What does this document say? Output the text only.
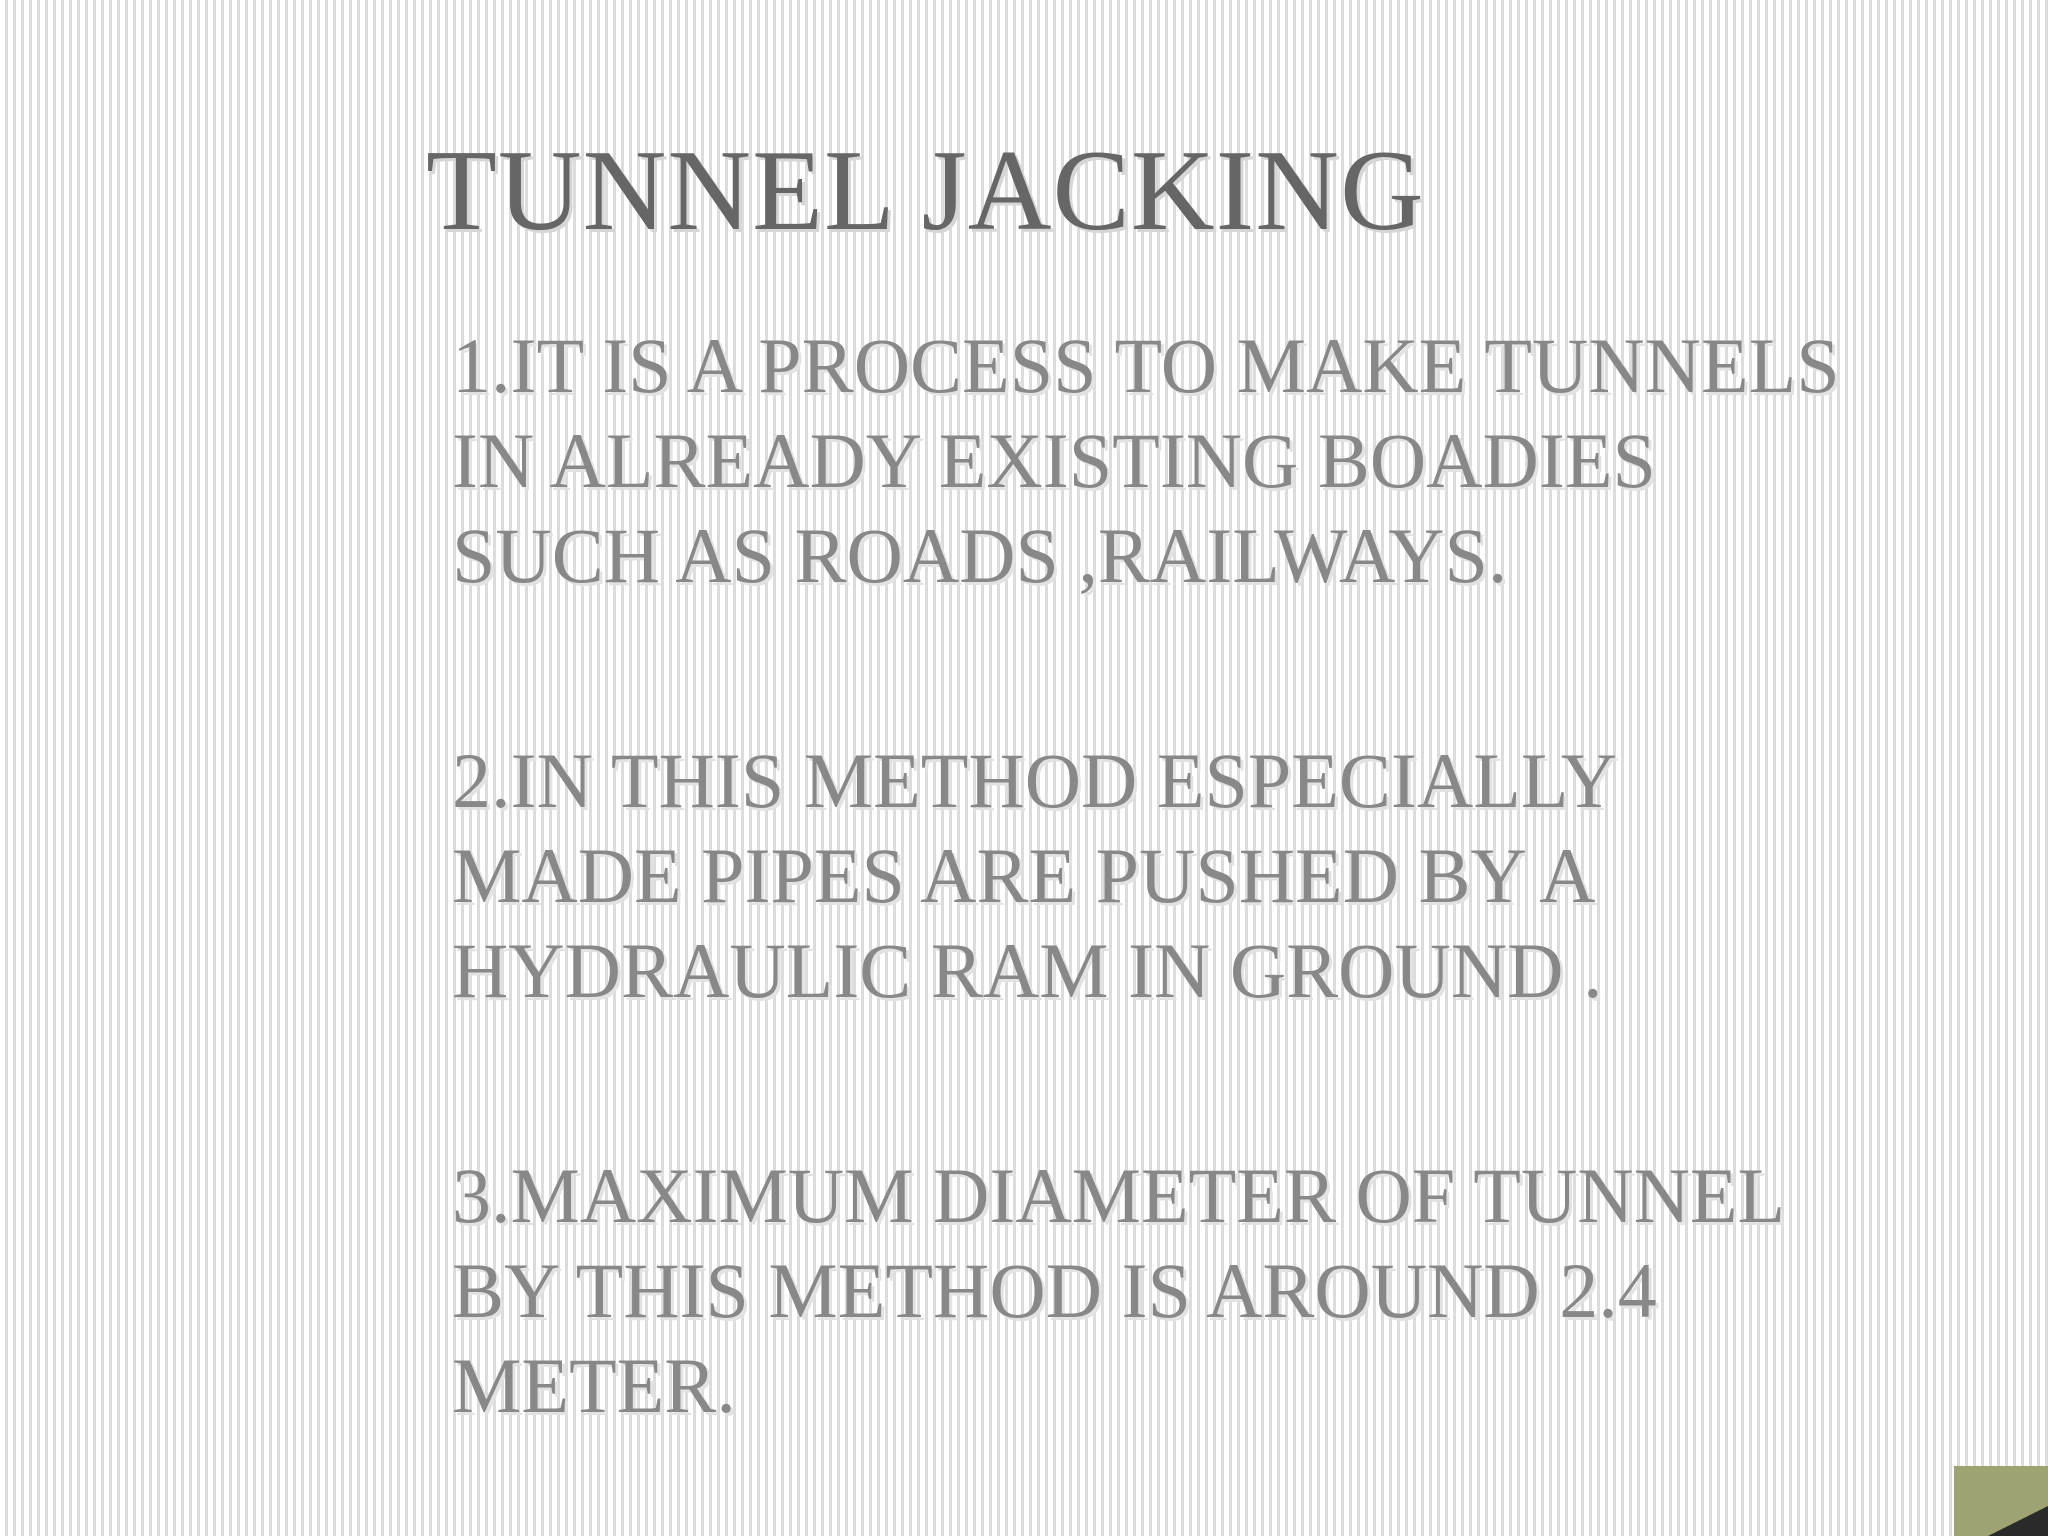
TUNNEL JACKING

1.IT IS A PROCESS TO MAKE TUNNELS
IN ALREADY EXISTING BOADIES
SUCH AS ROADS ,RAILWAYS.

2.IN THIS METHOD ESPECIALLY
MADE PIPES ARE PUSHED BY A
HYDRAULIC RAM IN GROUND .

3.MAXIMUM DIAMETER OF TUNNEL
BY THIS METHOD IS AROUND 2.4
METER.
